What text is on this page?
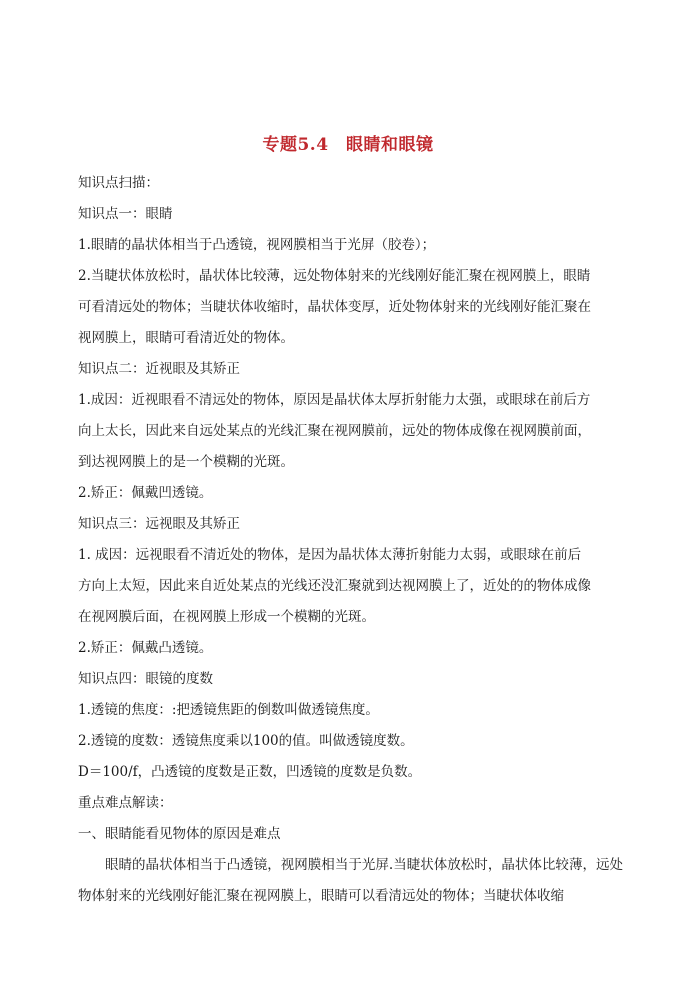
专题5.4　眼睛和眼镜
知识点扫描：
知识点一：眼睛
1.眼睛的晶状体相当于凸透镜，视网膜相当于光屏（胶卷）；
2.当睫状体放松时，晶状体比较薄，远处物体射来的光线刚好能汇聚在视网膜上，眼睛
可看清远处的物体；当睫状体收缩时，晶状体变厚，近处物体射来的光线刚好能汇聚在
视网膜上，眼睛可看清近处的物体。
知识点二：近视眼及其矫正
1.成因：近视眼看不清远处的物体，原因是晶状体太厚折射能力太强，或眼球在前后方
向上太长，因此来自远处某点的光线汇聚在视网膜前，远处的物体成像在视网膜前面，
到达视网膜上的是一个模糊的光斑。
2.矫正：佩戴凹透镜。
知识点三：远视眼及其矫正
1. 成因：远视眼看不清近处的物体，是因为晶状体太薄折射能力太弱，或眼球在前后
方向上太短，因此来自近处某点的光线还没汇聚就到达视网膜上了，近处的的物体成像
在视网膜后面，在视网膜上形成一个模糊的光斑。
2.矫正：佩戴凸透镜。
知识点四：眼镜的度数
1.透镜的焦度：:把透镜焦距的倒数叫做透镜焦度。
2.透镜的度数：透镜焦度乘以100的值。叫做透镜度数。
D＝100/f，凸透镜的度数是正数，凹透镜的度数是负数。
重点难点解读：
一、眼睛能看见物体的原因是难点
眼睛的晶状体相当于凸透镜，视网膜相当于光屏.当睫状体放松时，晶状体比较薄，远处物体射来的光线刚好能汇聚在视网膜上，眼睛可以看清远处的物体；当睫状体收缩
